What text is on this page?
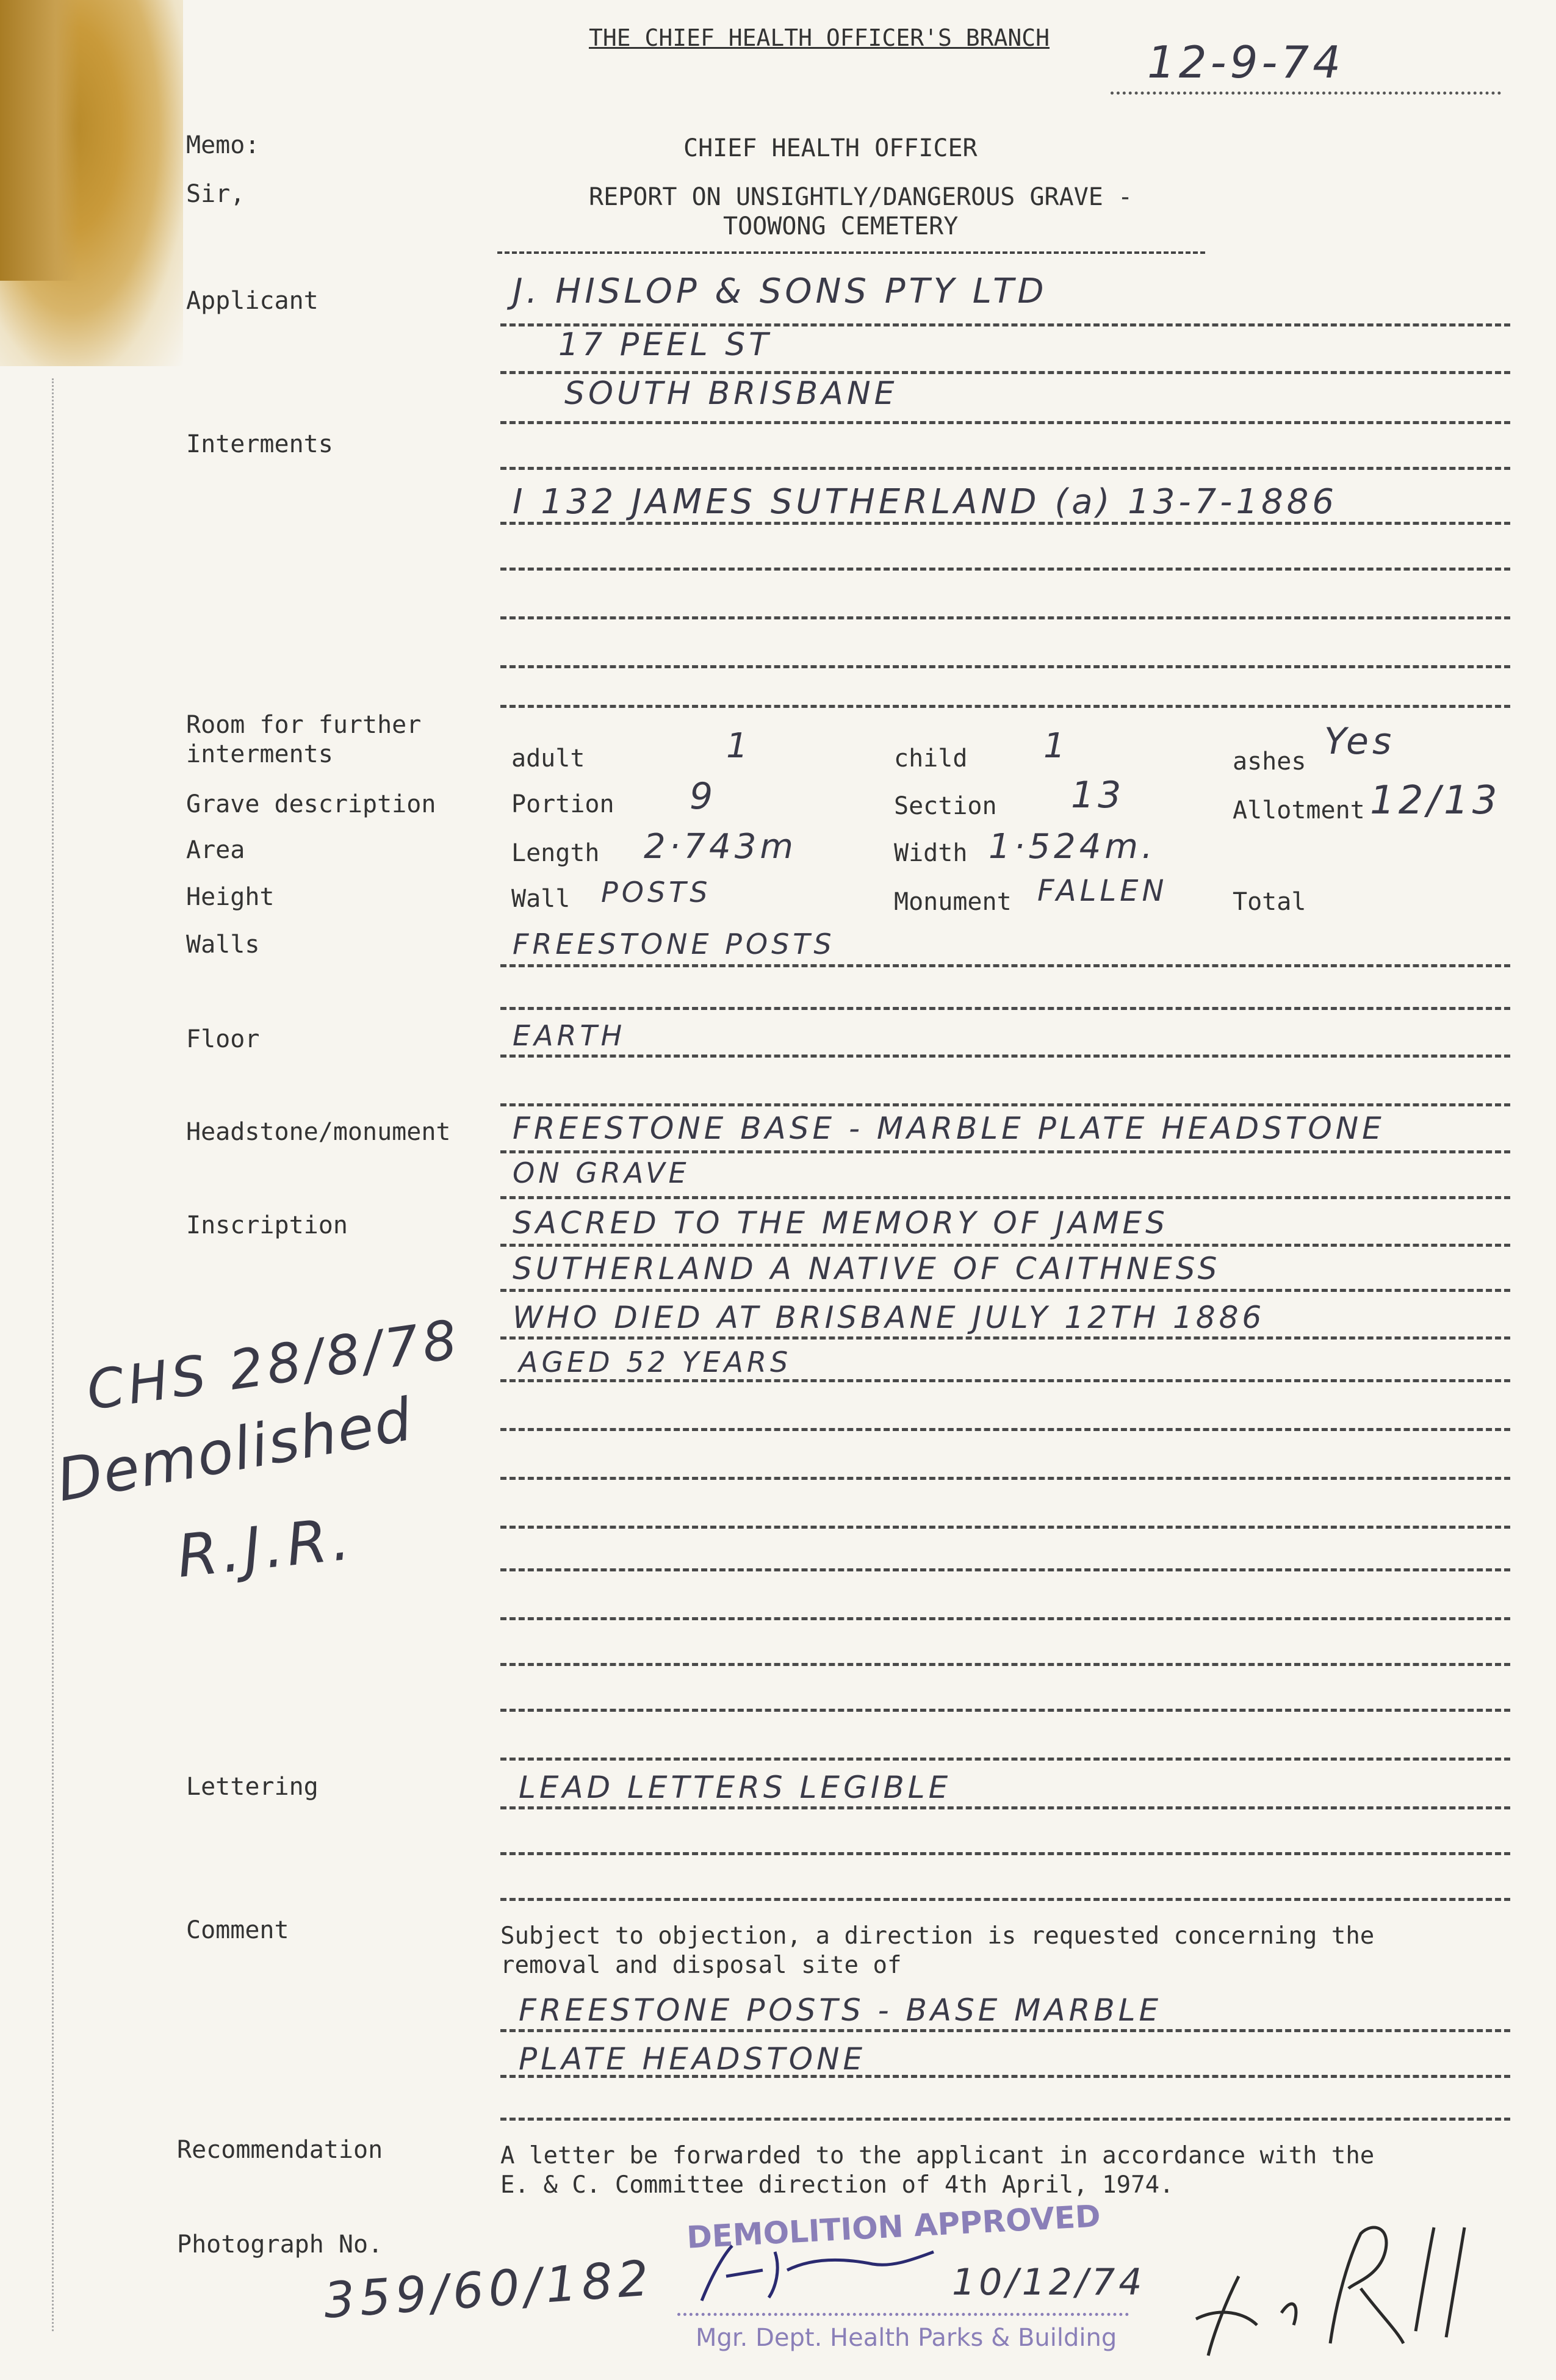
THE CHIEF HEALTH OFFICER'S BRANCH 12-9-74
Memo:
Sir,
CHIEF HEALTH OFFICER
REPORT ON UNSIGHTLY/DANGEROUS GRAVE -
TOOWONG CEMETERY
Applicant	J. HISLOP & SONS PTY LTD
17 PEEL ST
SOUTH BRISBANE
Interments
I 132 JAMES SUTHERLAND (a) 13-7-1886
Room for further
interments	adult	1	child 1	ashes Yes
Grave description	Portion 9	Section 13	Allotment 12/13
Area	Length 2·743m	Width 1·524m.
Height	Wall POSTS	Monument FALLEN	Total
Walls	FREESTONE POSTS
Floor	EARTH
Headstone/monument FREESTONE BASE - MARBLE PLATE HEADSTONE
ON GRAVE
Inscription	SACRED TO THE MEMORY OF JAMES
SUTHERLAND A NATIVE OF CAITHNESS
WHO DIED AT BRISBANE JULY 12TH 1886
AGED 52 YEARS
CHS 28/8/78
Demolished
R.J.R.
Lettering	LEAD LETTERS LEGIBLE
Comment	Subject to objection, a direction is requested concerning the
removal and disposal site of
FREESTONE POSTS - BASE MARBLE
PLATE HEADSTONE
Recommendation	A letter be forwarded to the applicant in accordance with the
E. & C. Committee direction of 4th April, 1974.
Photograph No.
359/60/182
DEMOLITION APPROVED
10/12/74
Mgr. Dept. Health Parks & Building
